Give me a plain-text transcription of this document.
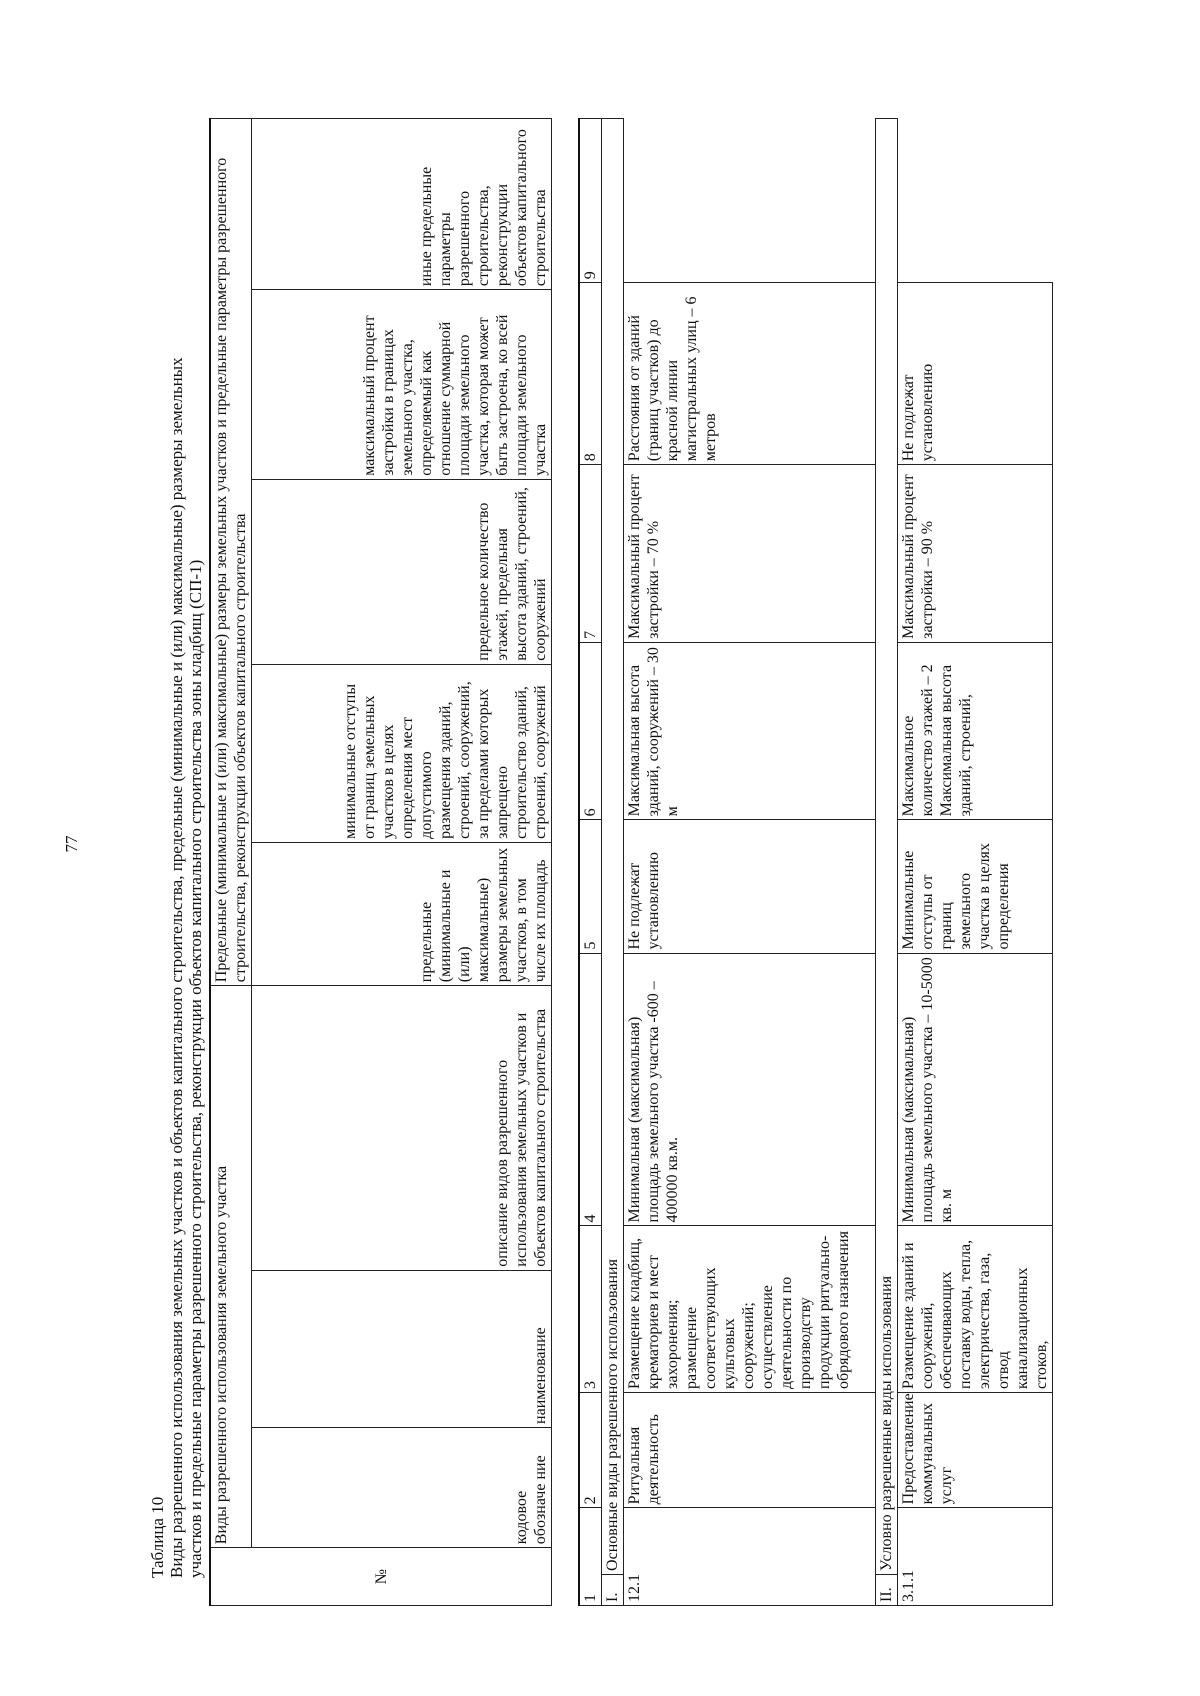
77
Таблица 10 Виды разрешенного использования земельных участков и объектов капитального строительства, предельные (минимальные и (или) максимальные) размеры земельных участков и предельные параметры разрешенного строительства, реконструкции объектов капитального строительства зоны кладбищ (СП-1)	№	Виды разрешенного использования земельного участка			Предельные (минимальные и (или) максимальные) размеры земельных участков и предельные параметры разрешенного строительства, реконструкции объектов капитального строительства				
	кодовое обозначе ние	наименование	описание видов разрешенного использования земельных участков и объектов капитального строительства	предельные (минимальные и (или) максимальные) размеры земельных участков, в том числе их площадь	минимальные отступы от границ земельных участков в целях определения мест допустимого размещения зданий, строений, сооружений, за пределами которых запрещено строительство зданий, строений, сооружений	предельное количество этажей, предельная высота зданий, строений, сооружений	максимальный процент застройки в границах земельного участка, определяемый как отношение суммарной площади земельного участка, которая может быть застроена, ко всей площади земельного участка	иные предельные параметры разрешенного строительства, реконструкции объектов капитального строительства
1		2	3	4	5	6	7	8	9
I.	Основные виды разрешенного использования								
12.1		Ритуальная деятельность	Размещение кладбищ, крематориев и мест захоронения; размещение соответствующих культовых сооружений; осуществление деятельности по производству продукции ритуально-обрядового назначения	Минимальная (максимальная) площадь земельного участка -600 – 400000 кв.м.	Не подлежат установлению	Максимальная высота зданий, сооружений – 30 м	Максимальный процент застройки – 70 %	Расстояния от зданий (границ участков) до красной линии магистральных улиц – 6 метров	
II.	Условно разрешенные виды использования								
3.1.1		Предоставление коммунальных услуг	Размещение зданий и сооружений, обеспечивающих поставку воды, тепла, электричества, газа, отвод канализационных стоков,	Минимальная (максимальная) площадь земельного участка – 10-5000 кв. м	Минимальные отступы от границ земельного участка в целях определения	Максимальное количество этажей – 2 Максимальная высота зданий, строений,	Максимальный процент застройки – 90 %	Не подлежат установлению	
